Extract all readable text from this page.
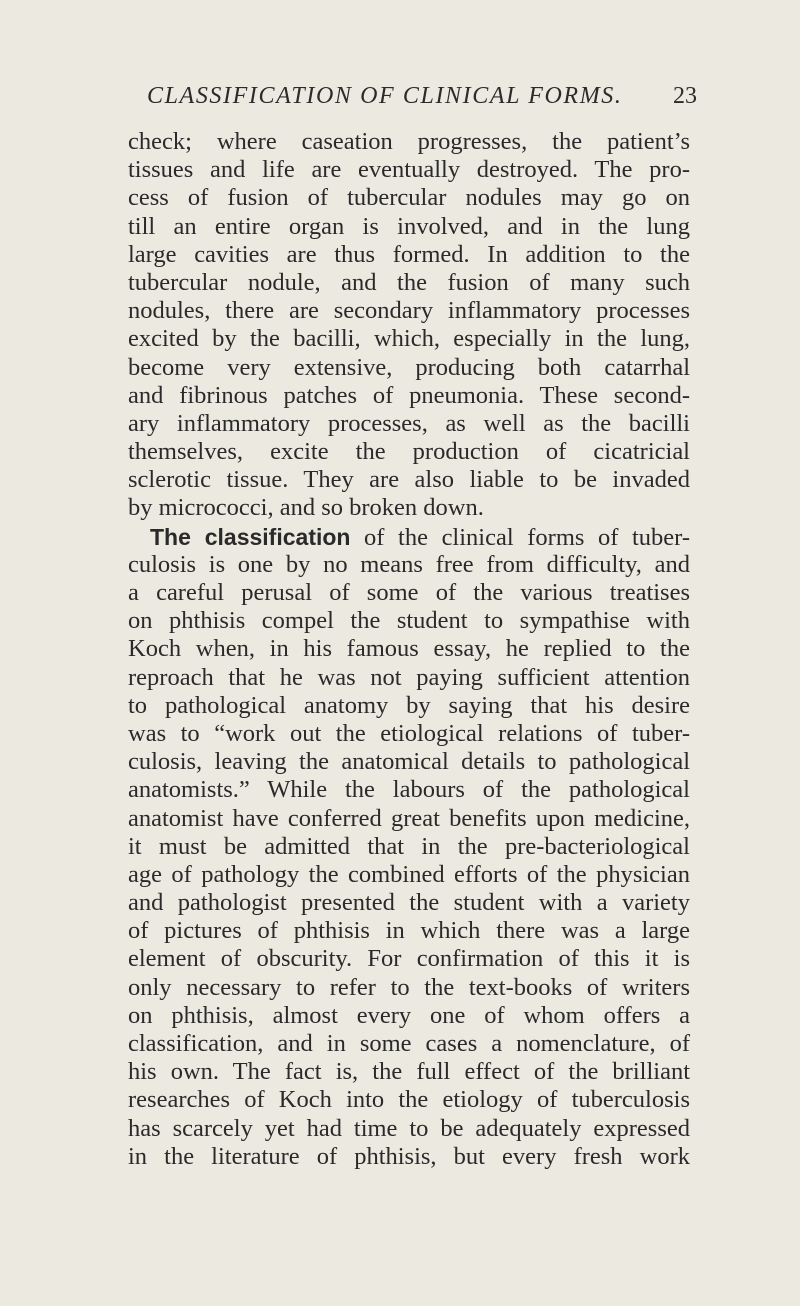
CLASSIFICATION OF CLINICAL FORMS. 23
check; where caseation progresses, the patient’s
tissues and life are eventually destroyed. The pro-
cess of fusion of tubercular nodules may go on
till an entire organ is involved, and in the lung
large cavities are thus formed. In addition to the
tubercular nodule, and the fusion of many such
nodules, there are secondary inflammatory processes
excited by the bacilli, which, especially in the lung,
become very extensive, producing both catarrhal
and fibrinous patches of pneumonia. These second-
ary inflammatory processes, as well as the bacilli
themselves, excite the production of cicatricial
sclerotic tissue. They are also liable to be invaded
by micrococci, and so broken down.
The classification of the clinical forms of tuber-
culosis is one by no means free from difficulty, and
a careful perusal of some of the various treatises
on phthisis compel the student to sympathise with
Koch when, in his famous essay, he replied to the
reproach that he was not paying sufficient attention
to pathological anatomy by saying that his desire
was to “work out the etiological relations of tuber-
culosis, leaving the anatomical details to pathological
anatomists.” While the labours of the pathological
anatomist have conferred great benefits upon medicine,
it must be admitted that in the pre-bacteriological
age of pathology the combined efforts of the physician
and pathologist presented the student with a variety
of pictures of phthisis in which there was a large
element of obscurity. For confirmation of this it is
only necessary to refer to the text-books of writers
on phthisis, almost every one of whom offers a
classification, and in some cases a nomenclature, of
his own. The fact is, the full effect of the brilliant
researches of Koch into the etiology of tuberculosis
has scarcely yet had time to be adequately expressed
in the literature of phthisis, but every fresh work
